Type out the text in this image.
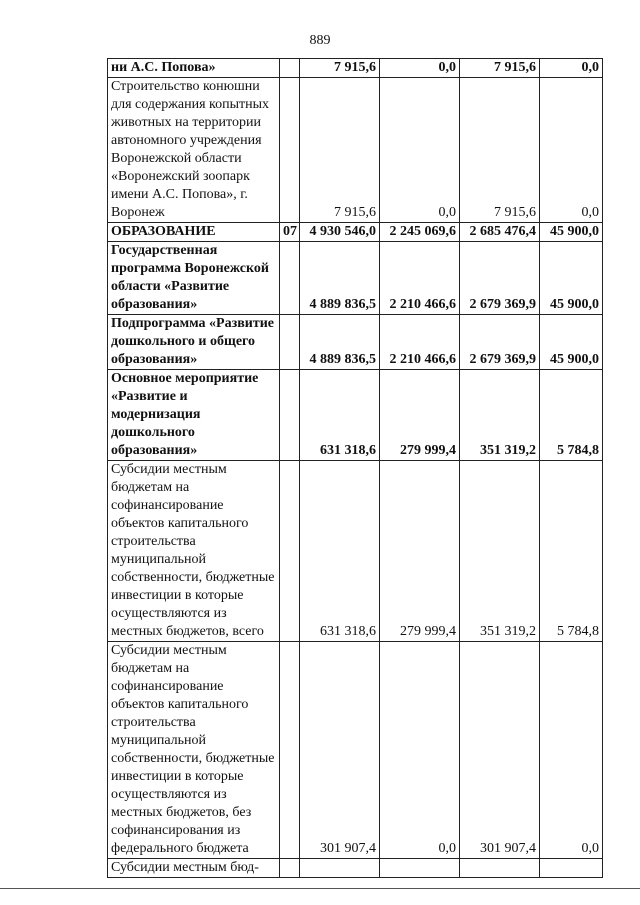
889
ни А.С. Попова»		7 915,6	0,0	7 915,6	0,0
Строительство конюшни для содержания копытных животных на территории автономного учреждения Воронежской области «Воронежский зоопарк имени А.С. Попова», г. Воронеж		7 915,6	0,0	7 915,6	0,0
ОБРАЗОВАНИЕ	07	4 930 546,0	2 245 069,6	2 685 476,4	45 900,0
Государственная программа Воронежской области «Развитие образования»		4 889 836,5	2 210 466,6	2 679 369,9	45 900,0
Подпрограмма «Развитие дошкольного и общего образования»		4 889 836,5	2 210 466,6	2 679 369,9	45 900,0
Основное мероприятие «Развитие и модернизация дошкольного образования»		631 318,6	279 999,4	351 319,2	5 784,8
Субсидии местным бюджетам на софинансирование объектов капитального строительства муниципальной собственности, бюджетные инвестиции в которые осуществляются из местных бюджетов, всего		631 318,6	279 999,4	351 319,2	5 784,8
Субсидии местным бюджетам на софинансирование объектов капитального строительства муниципальной собственности, бюджетные инвестиции в которые осуществляются из местных бюджетов, без софинансирования из федерального бюджета		301 907,4	0,0	301 907,4	0,0
Субсидии местным бюд-					
